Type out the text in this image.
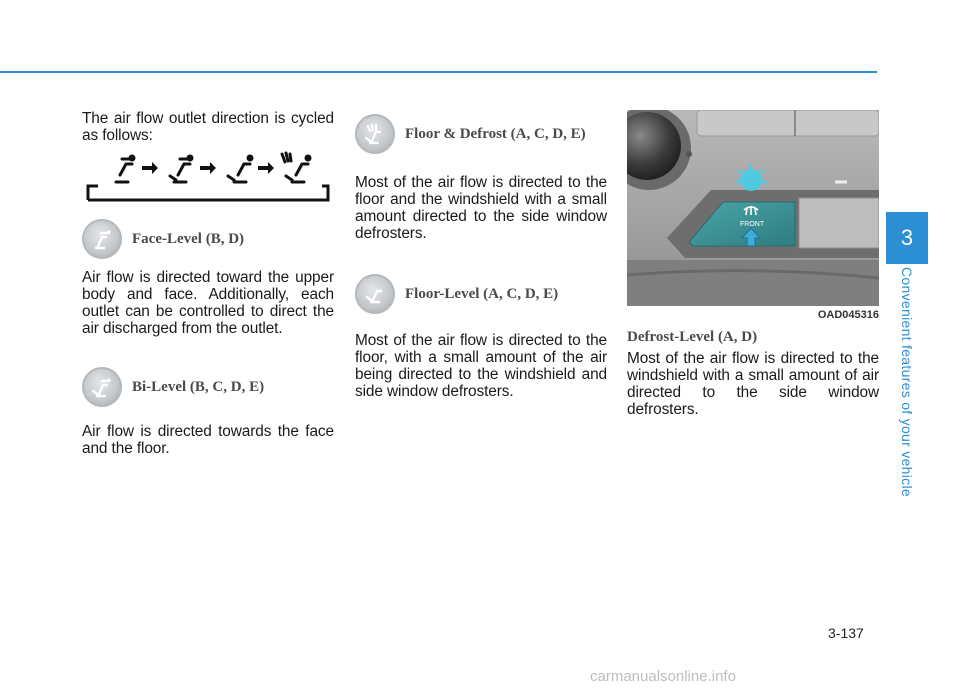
The air flow outlet direction is cycled as follows:

Face-Level (B, D)

Air flow is directed toward the upper body and face. Additionally, each outlet can be controlled to direct the air discharged from the outlet.

Bi-Level (B, C, D, E)

Air flow is directed towards the face and the floor.

Floor & Defrost (A, C, D, E)

Most of the air flow is directed to the floor and the windshield with a small amount directed to the side window defrosters.

Floor-Level (A, C, D, E)

Most of the air flow is directed to the floor, with a small amount of the air being directed to the windshield and side window defrosters.

FRONT
OAD045316
Defrost-Level (A, D)

Most of the air flow is directed to the windshield with a small amount of air directed to the side window defrosters.

3
Convenient features of your vehicle
3-137
carmanualsonline.info
